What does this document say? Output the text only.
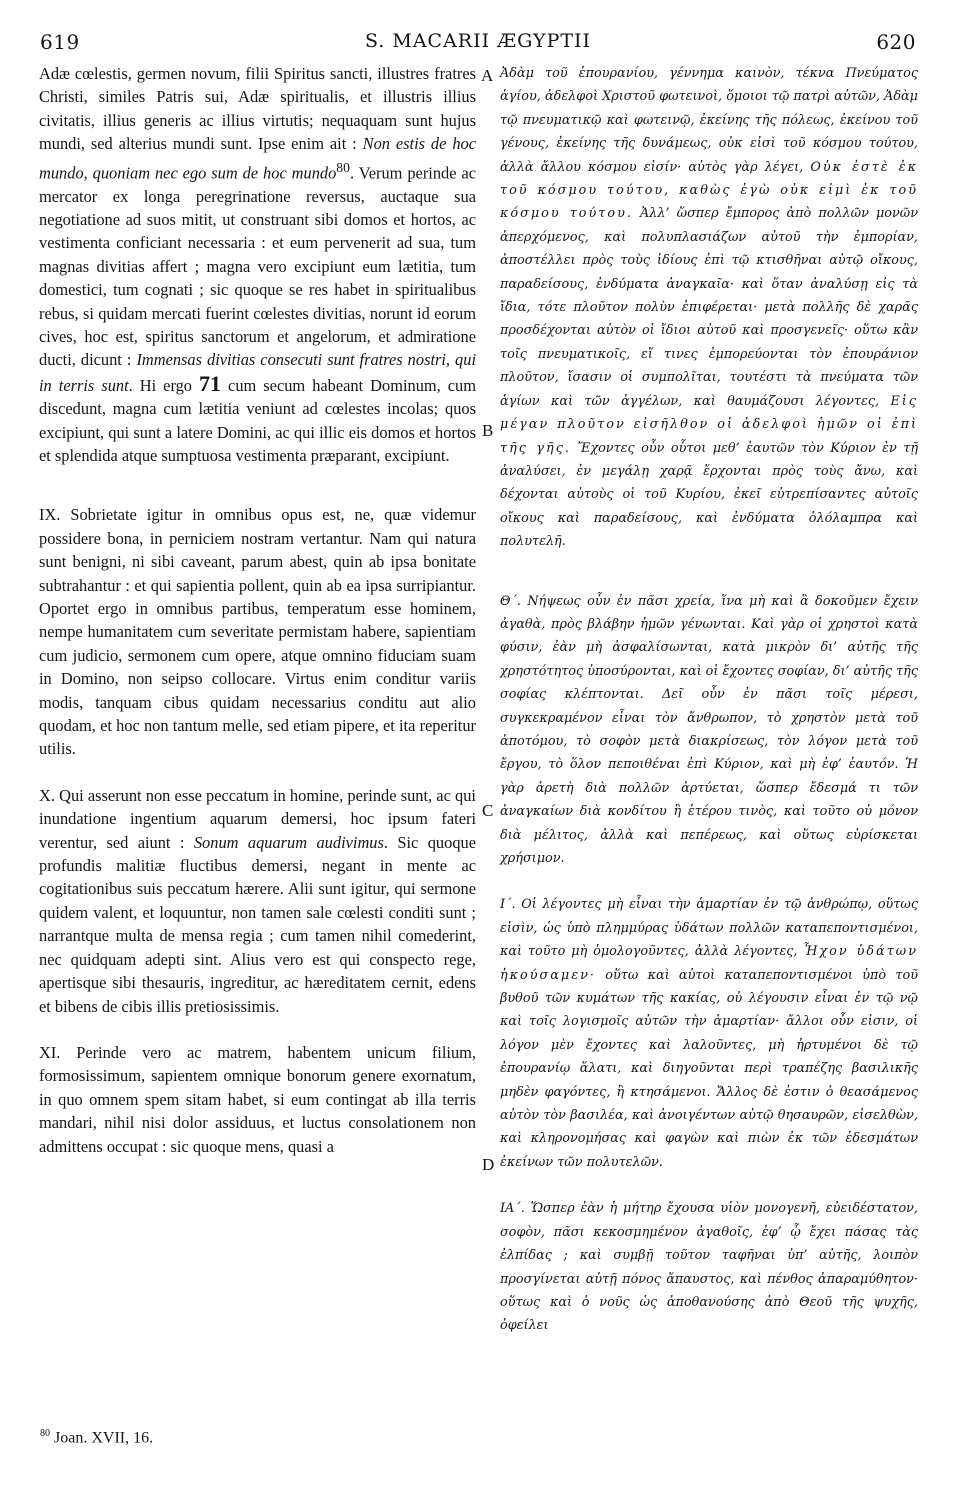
619	S. MACARII ÆGYPTII	620

Adæ cœlestis, germen novum, filii Spiritus sancti, illustres fratres Christi, similes Patris sui, Adæ spiritualis, et illustris illius civitatis, illius generis ac illius virtutis; nequaquam sunt hujus mundi, sed alterius mundi sunt. Ipse enim ait : Non estis de hoc mundo, quoniam nec ego sum de hoc mundo$^{80}$. Verum perinde ac mercator ex longa peregrinatione reversus, auctaque sua negotiatione ad suos mitit, ut construant sibi domos et hortos, ac vestimenta conficiant necessaria : et eum pervenerit ad sua, tum magnas divitias affert ; magna vero excipiunt eum lætitia, tum domestici, tum cognati ; sic quoque se res habet in spiritualibus rebus, si quidam mercati fuerint cœlestes divitias, norunt id eorum cives, hoc est, spiritus sanctorum et angelorum, et admiratione ducti, dicunt : Immensas divitias consecuti sunt fratres nostri, qui in terris sunt. Hi ergo 71 cum secum habeant Dominum, cum discedunt, magna cum lætitia veniunt ad cœlestes incolas; quos excipiunt, qui sunt a latere Domini, ac qui illic eis domos et hortos et splendida atque sumptuosa vestimenta præparant, excipiunt.

IX. Sobrietate igitur in omnibus opus est, ne, quæ videmur possidere bona, in perniciem nostram vertantur. Nam qui natura sunt benigni, ni sibi caveant, parum abest, quin ab ipsa bonitate subtrahantur : et qui sapientia pollent, quin ab ea ipsa surripiantur. Oportet ergo in omnibus partibus, temperatum esse hominem, nempe humanitatem cum severitate permistam habere, sapientiam cum judicio, sermonem cum opere, atque omnino fiduciam suam in Domino, non seipso collocare. Virtus enim conditur variis modis, tanquam cibus quidam necessarius conditu aut alio quodam, et hoc non tantum melle, sed etiam pipere, et ita reperitur utilis.

X. Qui asserunt non esse peccatum in homine, perinde sunt, ac qui inundatione ingentium aquarum demersi, hoc ipsum fateri verentur, sed aiunt : Sonum aquarum audivimus. Sic quoque profundis malitiæ fluctibus demersi, negant in mente ac cogitationibus suis peccatum hærere. Alii sunt igitur, qui sermone quidem valent, et loquuntur, non tamen sale cœlesti conditi sunt ; narrantque multa de mensa regia ; cum tamen nihil comederint, nec quidquam adepti sint. Alius vero est qui conspecto rege, apertisque sibi thesauris, ingreditur, ac hæreditatem cernit, edens et bibens de cibis illis pretiosissimis.

XI. Perinde vero ac matrem, habentem unicum filium, formosissimum, sapientem omnique bonorum genere exornatum, in quo omnem spem sitam habet, si eum contingat ab illa terris mandari, nihil nisi dolor assiduus, et luctus consolationem non admittens occupat : sic quoque mens, quasi a

Ἀδὰμ τοῦ ἐπουρανίου, γέννημα καινὸν, τέκνα Πνεύματος ἁγίου, ἀδελφοὶ Χριστοῦ φωτεινοὶ, ὅμοιοι τῷ πατρὶ αὐτῶν, Ἀδὰμ τῷ πνευματικῷ καὶ φωτεινῷ, ἐκείνης τῆς πόλεως, ἐκείνου τοῦ γένους, ἐκείνης τῆς δυνάμεως, οὐκ εἰσὶ τοῦ κόσμου τούτου, ἀλλὰ ἄλλου κόσμου εἰσίν· αὐτὸς γὰρ λέγει, Οὐκ ἐστὲ ἐκ τοῦ κόσμου τούτου, καθὼς ἐγὼ οὐκ εἰμὶ ἐκ τοῦ κόσμου τούτου. Ἀλλ’ ὥσπερ ἔμπορος ἀπὸ πολλῶν μονῶν ἀπερχόμενος, καὶ πολυπλασιάζων αὐτοῦ τὴν ἐμπορίαν, ἀποστέλλει πρὸς τοὺς ἰδίους ἐπὶ τῷ κτισθῆναι αὐτῷ οἴκους, παραδείσους, ἐνδύματα ἀναγκαῖα· καὶ ὅταν ἀναλύσῃ εἰς τὰ ἴδια, τότε πλοῦτον πολὺν ἐπιφέρεται· μετὰ πολλῆς δὲ χαρᾶς προσδέχονται αὐτὸν οἱ ἴδιοι αὐτοῦ καὶ προσγενεῖς· οὕτω κἂν τοῖς πνευματικοῖς, εἴ τινες ἐμπορεύονται τὸν ἐπουράνιον πλοῦτον, ἴσασιν οἱ συμπολῖται, τουτέστι τὰ πνεύματα τῶν ἁγίων καὶ τῶν ἀγγέλων, καὶ θαυμάζουσι λέγοντες, Εἰς μέγαν πλοῦτον εἰσῆλθον οἱ ἀδελφοὶ ἡμῶν οἱ ἐπὶ τῆς γῆς. Ἔχοντες οὖν οὗτοι μεθ’ ἑαυτῶν τὸν Κύριον ἐν τῇ ἀναλύσει, ἐν μεγάλῃ χαρᾷ ἔρχονται πρὸς τοὺς ἄνω, καὶ δέχονται αὐτοὺς οἱ τοῦ Κυρίου, ἐκεῖ εὐτρεπίσαντες αὐτοῖς οἴκους καὶ παραδείσους, καὶ ἐνδύματα ὁλόλαμπρα καὶ πολυτελῆ.

Θ΄. Νήψεως οὖν ἐν πᾶσι χρεία, ἵνα μὴ καὶ ἃ δοκοῦμεν ἔχειν ἀγαθὰ, πρὸς βλάβην ἡμῶν γένωνται. Καὶ γὰρ οἱ χρηστοὶ κατὰ φύσιν, ἐὰν μὴ ἀσφαλίσωνται, κατὰ μικρὸν δι’ αὐτῆς τῆς χρηστότητος ὑποσύρονται, καὶ οἱ ἔχοντες σοφίαν, δι’ αὐτῆς τῆς σοφίας κλέπτονται. Δεῖ οὖν ἐν πᾶσι τοῖς μέρεσι, συγκεκραμένον εἶναι τὸν ἄνθρωπον, τὸ χρηστὸν μετὰ τοῦ ἀποτόμου, τὸ σοφὸν μετὰ διακρίσεως, τὸν λόγον μετὰ τοῦ ἔργου, τὸ ὅλον πεποιθέναι ἐπὶ Κύριον, καὶ μὴ ἐφ’ ἑαυτόν. Ἡ γὰρ ἀρετὴ διὰ πολλῶν ἀρτύεται, ὥσπερ ἔδεσμά τι τῶν ἀναγκαίων διὰ κονδίτου ἢ ἑτέρου τινὸς, καὶ τοῦτο οὐ μόνον διὰ μέλιτος, ἀλλὰ καὶ πεπέρεως, καὶ οὕτως εὑρίσκεται χρήσιμον.

Ι΄. Οἱ λέγοντες μὴ εἶναι τὴν ἁμαρτίαν ἐν τῷ ἀνθρώπῳ, οὕτως εἰσὶν, ὡς ὑπὸ πλημμύρας ὑδάτων πολλῶν καταπεποντισμένοι, καὶ τοῦτο μὴ ὁμολογοῦντες, ἀλλὰ λέγοντες, Ἦχον ὑδάτων ἠκούσαμεν· οὕτω καὶ αὐτοὶ καταπεποντισμένοι ὑπὸ τοῦ βυθοῦ τῶν κυμάτων τῆς κακίας, οὐ λέγουσιν εἶναι ἐν τῷ νῷ καὶ τοῖς λογισμοῖς αὐτῶν τὴν ἁμαρτίαν· ἄλλοι οὖν εἰσιν, οἱ λόγον μὲν ἔχοντες καὶ λαλοῦντες, μὴ ἠρτυμένοι δὲ τῷ ἐπουρανίῳ ἅλατι, καὶ διηγοῦνται περὶ τραπέζης βασιλικῆς μηδὲν φαγόντες, ἢ κτησάμενοι. Ἄλλος δὲ ἐστιν ὁ θεασάμενος αὐτὸν τὸν βασιλέα, καὶ ἀνοιγέντων αὐτῷ θησαυρῶν, εἰσελθὼν, καὶ κληρονομήσας καὶ φαγὼν καὶ πιὼν ἐκ τῶν ἐδεσμάτων ἐκείνων τῶν πολυτελῶν.

ΙΑ΄. Ὥσπερ ἐὰν ἡ μήτηρ ἔχουσα υἱὸν μονογενῆ, εὐειδέστατον, σοφὸν, πᾶσι κεκοσμημένον ἀγαθοῖς, ἐφ’ ᾧ ἔχει πάσας τὰς ἐλπίδας ; καὶ συμβῇ τοῦτον ταφῆναι ὑπ’ αὐτῆς, λοιπὸν προσγίνεται αὐτῇ πόνος ἄπαυστος, καὶ πένθος ἀπαραμύθητον· οὕτως καὶ ὁ νοῦς ὡς ἀποθανούσης ἀπὸ Θεοῦ τῆς ψυχῆς, ὀφείλει

A
B
C
D
$^{80}$ Joan. XVII, 16.
